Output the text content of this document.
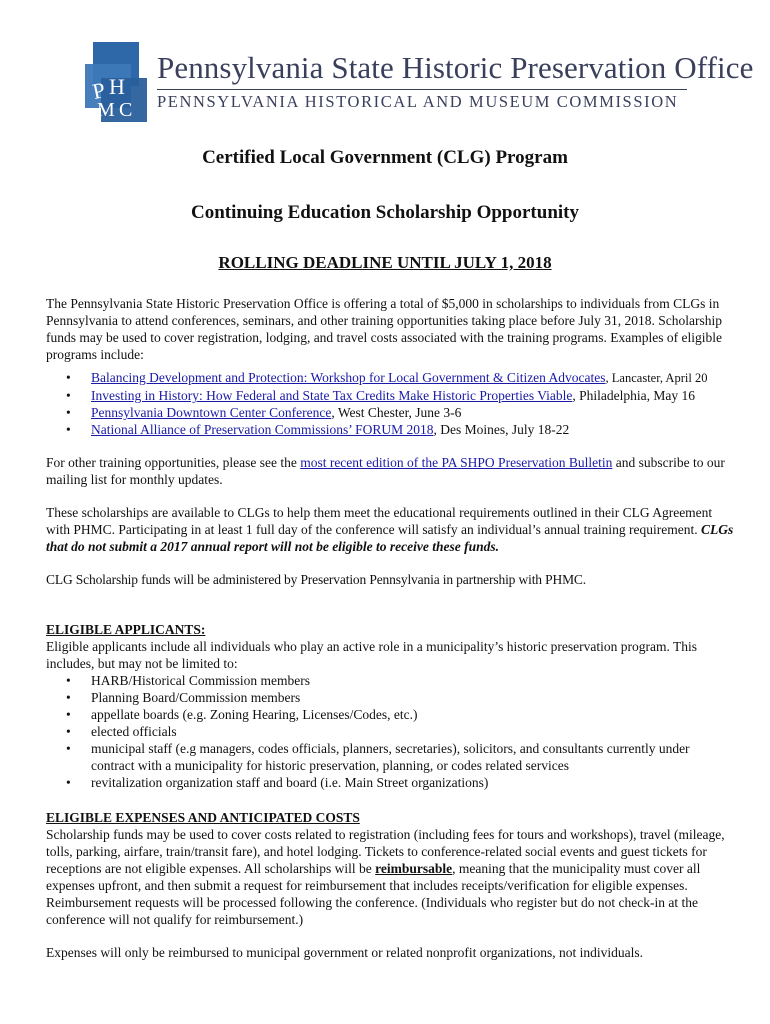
P H
M C
Pennsylvania State Historic Preservation Office
PENNSYLVANIA HISTORICAL AND MUSEUM COMMISSION
Certified Local Government (CLG) Program
Continuing Education Scholarship Opportunity
ROLLING DEADLINE UNTIL JULY 1, 2018

The Pennsylvania State Historic Preservation Office is offering a total of $5,000 in scholarships to individuals from CLGs in Pennsylvania to attend conferences, seminars, and other training opportunities taking place before July 31, 2018. Scholarship funds may be used to cover registration, lodging, and travel costs associated with the training programs. Examples of eligible programs include:

• Balancing Development and Protection: Workshop for Local Government & Citizen Advocates, Lancaster, April 20
• Investing in History: How Federal and State Tax Credits Make Historic Properties Viable, Philadelphia, May 16
• Pennsylvania Downtown Center Conference, West Chester, June 3-6
• National Alliance of Preservation Commissions’ FORUM 2018, Des Moines, July 18-22

For other training opportunities, please see the most recent edition of the PA SHPO Preservation Bulletin and subscribe to our mailing list for monthly updates.

These scholarships are available to CLGs to help them meet the educational requirements outlined in their CLG Agreement with PHMC. Participating in at least 1 full day of the conference will satisfy an individual’s annual training requirement. CLGs that do not submit a 2017 annual report will not be eligible to receive these funds.

CLG Scholarship funds will be administered by Preservation Pennsylvania in partnership with PHMC.

ELIGIBLE APPLICANTS:

Eligible applicants include all individuals who play an active role in a municipality’s historic preservation program. This includes, but may not be limited to:

• HARB/Historical Commission members
• Planning Board/Commission members
• appellate boards (e.g. Zoning Hearing, Licenses/Codes, etc.)
• elected officials
• municipal staff (e.g managers, codes officials, planners, secretaries), solicitors, and consultants currently under contract with a municipality for historic preservation, planning, or codes related services
• revitalization organization staff and board (i.e. Main Street organizations)

ELIGIBLE EXPENSES AND ANTICIPATED COSTS

Scholarship funds may be used to cover costs related to registration (including fees for tours and workshops), travel (mileage, tolls, parking, airfare, train/transit fare), and hotel lodging. Tickets to conference-related social events and guest tickets for receptions are not eligible expenses. All scholarships will be reimbursable, meaning that the municipality must cover all expenses upfront, and then submit a request for reimbursement that includes receipts/verification for eligible expenses. Reimbursement requests will be processed following the conference. (Individuals who register but do not check-in at the conference will not qualify for reimbursement.)

Expenses will only be reimbursed to municipal government or related nonprofit organizations, not individuals.
